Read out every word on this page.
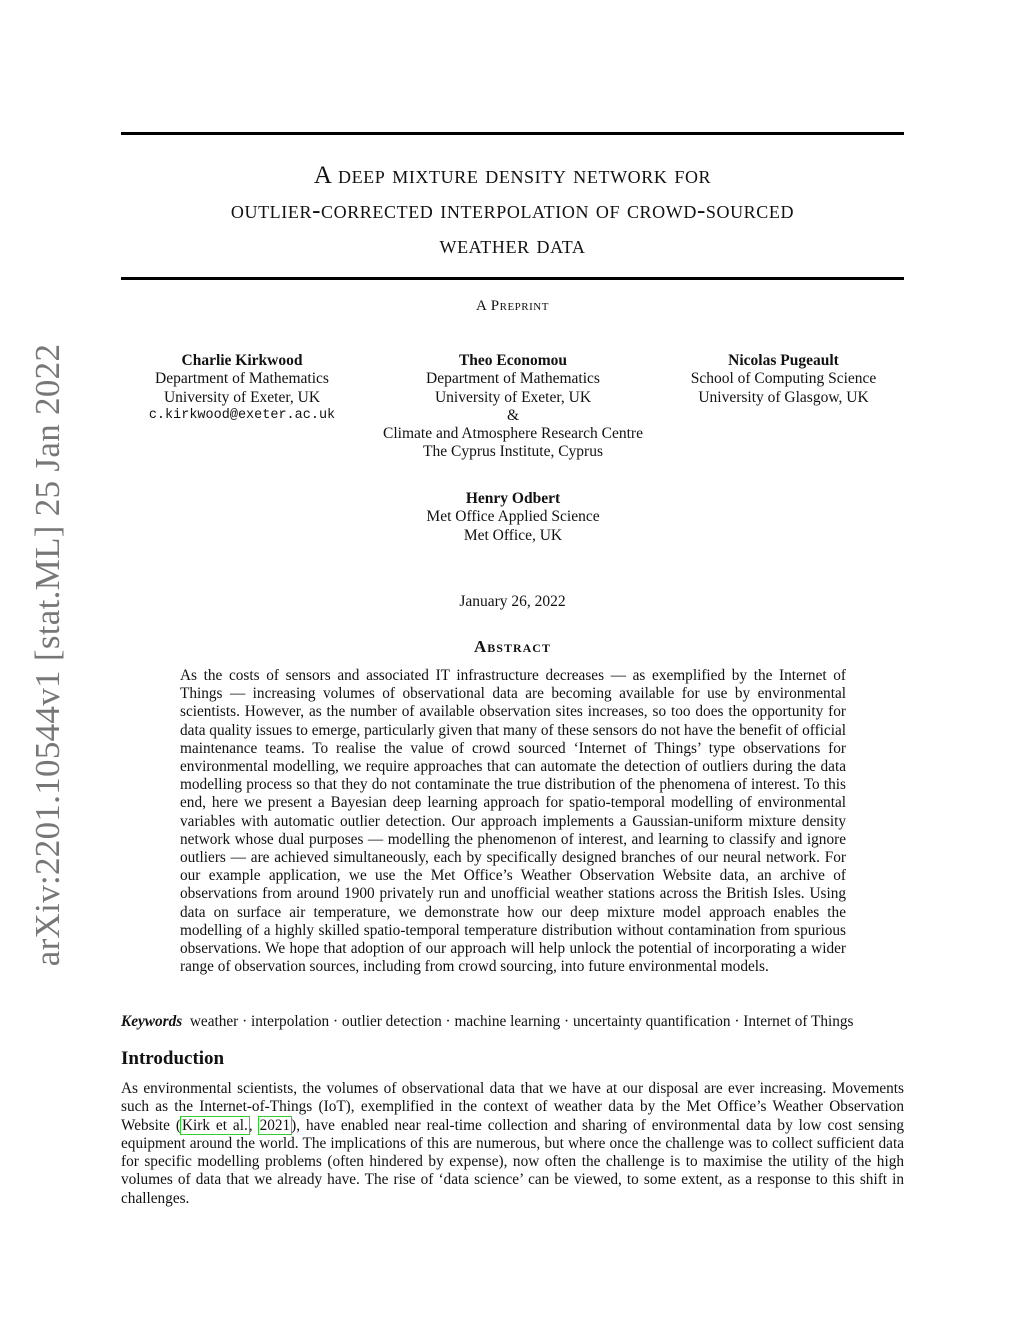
arXiv:2201.10544v1 [stat.ML] 25 Jan 2022
A deep mixture density network for
outlier-corrected interpolation of crowd-sourced
weather data
A Preprint
Charlie Kirkwood
Department of Mathematics
University of Exeter, UK
c.kirkwood@exeter.ac.uk
Theo Economou
Department of Mathematics
University of Exeter, UK
&
Climate and Atmosphere Research Centre
The Cyprus Institute, Cyprus
Nicolas Pugeault
School of Computing Science
University of Glasgow, UK
Henry Odbert
Met Office Applied Science
Met Office, UK
January 26, 2022
Abstract

As the costs of sensors and associated IT infrastructure decreases — as exemplified by the Internet of Things — increasing volumes of observational data are becoming available for use by environmental scientists. However, as the number of available observation sites increases, so too does the opportunity for data quality issues to emerge, particularly given that many of these sensors do not have the benefit of official maintenance teams. To realise the value of crowd sourced ‘Internet of Things’ type observations for environmental modelling, we require approaches that can automate the detection of outliers during the data modelling process so that they do not contaminate the true distribution of the phenomena of interest. To this end, here we present a Bayesian deep learning approach for spatio-temporal modelling of environmental variables with automatic outlier detection. Our approach implements a Gaussian-uniform mixture density network whose dual purposes — modelling the phenomenon of interest, and learning to classify and ignore outliers — are achieved simultaneously, each by specifically designed branches of our neural network. For our example application, we use the Met Office’s Weather Observation Website data, an archive of observations from around 1900 privately run and unofficial weather stations across the British Isles. Using data on surface air temperature, we demonstrate how our deep mixture model approach enables the modelling of a highly skilled spatio-temporal temperature distribution without contamination from spurious observations. We hope that adoption of our approach will help unlock the potential of incorporating a wider range of observation sources, including from crowd sourcing, into future environmental models.

Keywords weather · interpolation · outlier detection · machine learning · uncertainty quantification · Internet of Things
Introduction

As environmental scientists, the volumes of observational data that we have at our disposal are ever increasing. Movements such as the Internet-of-Things (IoT), exemplified in the context of weather data by the Met Office’s Weather Observation Website (Kirk et al., 2021), have enabled near real-time collection and sharing of environmental data by low cost sensing equipment around the world. The implications of this are numerous, but where once the challenge was to collect sufficient data for specific modelling problems (often hindered by expense), now often the challenge is to maximise the utility of the high volumes of data that we already have. The rise of ‘data science’ can be viewed, to some extent, as a response to this shift in challenges.
